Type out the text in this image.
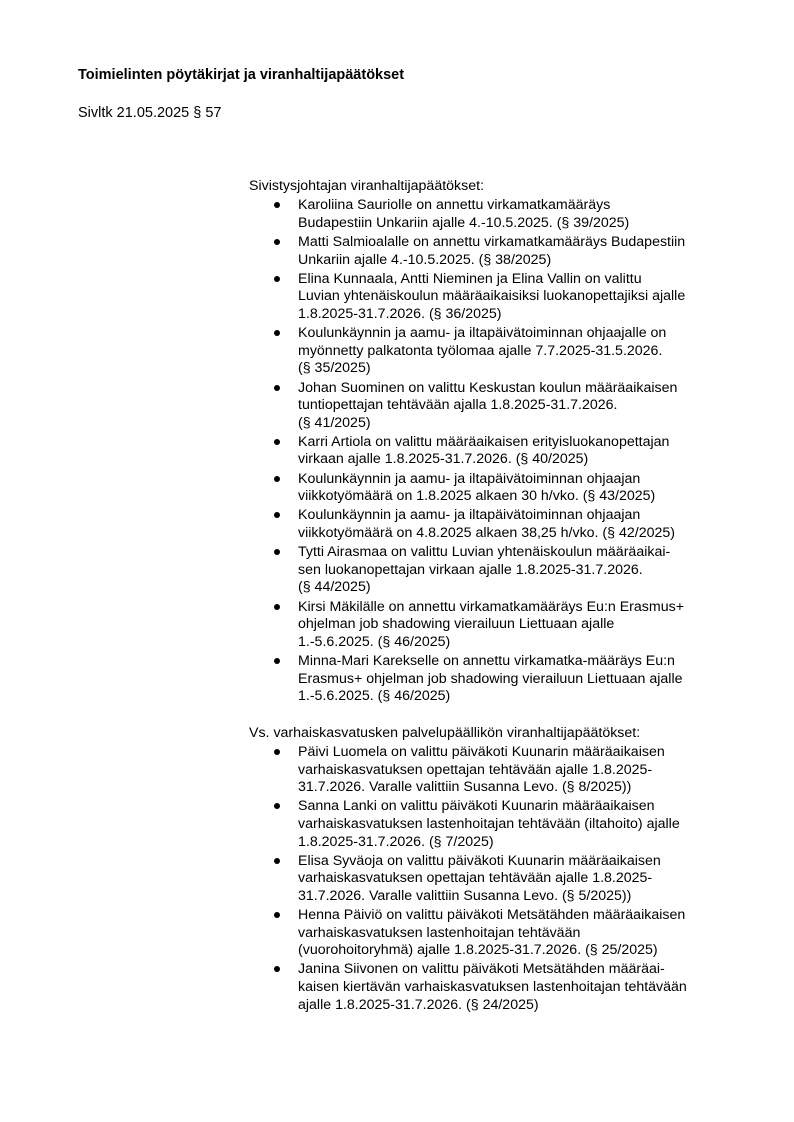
Toimielinten pöytäkirjat ja viranhaltijapäätökset

Sivltk 21.05.2025 § 57

Sivistysjohtajan viranhaltijapäätökset:

Karoliina Sauriolle on annettu virkamatkamääräys
Budapestiin Unkariin ajalle 4.-10.5.2025. (§ 39/2025)
Matti Salmioalalle on annettu virkamatkamääräys Budapestiin
Unkariin ajalle 4.-10.5.2025. (§ 38/2025)
Elina Kunnaala, Antti Nieminen ja Elina Vallin on valittu
Luvian yhtenäiskoulun määräaikaisiksi luokanopettajiksi ajalle
1.8.2025-31.7.2026. (§ 36/2025)
Koulunkäynnin ja aamu- ja iltapäivätoiminnan ohjaajalle on
myönnetty palkatonta työlomaa ajalle 7.7.2025-31.5.2026.
(§ 35/2025)
Johan Suominen on valittu Keskustan koulun määräaikaisen
tuntiopettajan tehtävään ajalla 1.8.2025-31.7.2026.
(§ 41/2025)
Karri Artiola on valittu määräaikaisen erityisluokanopettajan
virkaan ajalle 1.8.2025-31.7.2026. (§ 40/2025)
Koulunkäynnin ja aamu- ja iltapäivätoiminnan ohjaajan
viikkotyömäärä on 1.8.2025 alkaen 30 h/vko. (§ 43/2025)
Koulunkäynnin ja aamu- ja iltapäivätoiminnan ohjaajan
viikkotyömäärä on 4.8.2025 alkaen 38,25 h/vko. (§ 42/2025)
Tytti Airasmaa on valittu Luvian yhtenäiskoulun määräaikai-
sen luokanopettajan virkaan ajalle 1.8.2025-31.7.2026.
(§ 44/2025)
Kirsi Mäkilälle on annettu virkamatkamääräys Eu:n Erasmus+
ohjelman job shadowing vierailuun Liettuaan ajalle
1.-5.6.2025. (§ 46/2025)
Minna-Mari Karekselle on annettu virkamatka-määräys Eu:n
Erasmus+ ohjelman job shadowing vierailuun Liettuaan ajalle
1.-5.6.2025. (§ 46/2025)

Vs. varhaiskasvatusken palvelupäällikön viranhaltijapäätökset:

Päivi Luomela on valittu päiväkoti Kuunarin määräaikaisen
varhaiskasvatuksen opettajan tehtävään ajalle 1.8.2025-
31.7.2026. Varalle valittiin Susanna Levo. (§ 8/2025))
Sanna Lanki on valittu päiväkoti Kuunarin määräaikaisen
varhaiskasvatuksen lastenhoitajan tehtävään (iltahoito) ajalle
1.8.2025-31.7.2026. (§ 7/2025)
Elisa Syväoja on valittu päiväkoti Kuunarin määräaikaisen
varhaiskasvatuksen opettajan tehtävään ajalle 1.8.2025-
31.7.2026. Varalle valittiin Susanna Levo. (§ 5/2025))
Henna Päiviö on valittu päiväkoti Metsätähden määräaikaisen
varhaiskasvatuksen lastenhoitajan tehtävään
(vuorohoitoryhmä) ajalle 1.8.2025-31.7.2026. (§ 25/2025)
Janina Siivonen on valittu päiväkoti Metsätähden määräai-
kaisen kiertävän varhaiskasvatuksen lastenhoitajan tehtävään
ajalle 1.8.2025-31.7.2026. (§ 24/2025)
